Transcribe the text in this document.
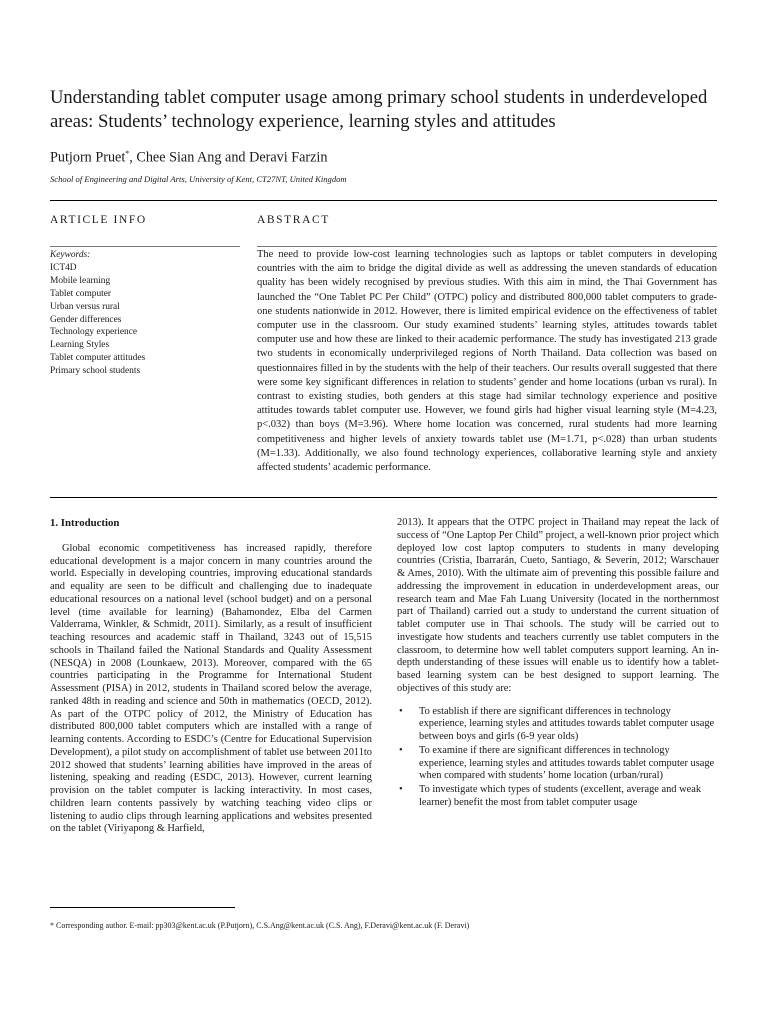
Understanding tablet computer usage among primary school students in underdeveloped areas: Students’ technology experience, learning styles and attitudes
Putjorn Pruet*, Chee Sian Ang and Deravi Farzin
School of Engineering and Digital Arts, University of Kent, CT27NT, United Kingdom
ARTICLE INFO	ABSTRACT
Keywords:
ICT4D
Mobile learning
Tablet computer
Urban versus rural
Gender differences
Technology experience
Learning Styles
Tablet computer attitudes
Primary school students

The need to provide low-cost learning technologies such as laptops or tablet computers in developing countries with the aim to bridge the digital divide as well as addressing the uneven standards of education quality has been widely recognised by previous studies. With this aim in mind, the Thai Government has launched the “One Tablet PC Per Child” (OTPC) policy and distributed 800,000 tablet computers to grade-one students nationwide in 2012. However, there is limited empirical evidence on the effectiveness of tablet computer use in the classroom. Our study examined students’ learning styles, attitudes towards tablet computer use and how these are linked to their academic performance. The study has investigated 213 grade two students in economically underprivileged regions of North Thailand. Data collection was based on questionnaires filled in by the students with the help of their teachers. Our results overall suggested that there were some key significant differences in relation to students’ gender and home locations (urban vs rural). In contrast to existing studies, both genders at this stage had similar technology experience and positive attitudes towards tablet computer use. However, we found girls had higher visual learning style (M=4.23, p<.032) than boys (M=3.96). Where home location was concerned, rural students had more learning competitiveness and higher levels of anxiety towards tablet use (M=1.71, p<.028) than urban students (M=1.33). Additionally, we also found technology experiences, collaborative learning style and anxiety affected students’ academic performance.

1. Introduction

Global economic competitiveness has increased rapidly, therefore educational development is a major concern in many countries around the world. Especially in developing countries, improving educational standards and equality are seen to be difficult and challenging due to inadequate educational resources on a national level (school budget) and on a personal level (time available for learning) (Bahamondez, Elba del Carmen Valderrama, Winkler, & Schmidt, 2011). Similarly, as a result of insufficient teaching resources and academic staff in Thailand, 3243 out of 15,515 schools in Thailand failed the National Standards and Quality Assessment (NESQA) in 2008 (Lounkaew, 2013). Moreover, compared with the 65 countries participating in the Programme for International Student Assessment (PISA) in 2012, students in Thailand scored below the average, ranked 48th in reading and science and 50th in mathematics (OECD, 2012). As part of the OTPC policy of 2012, the Ministry of Education has distributed 800,000 tablet computers which are installed with a range of learning contents. According to ESDC’s (Centre for Educational Supervision Development), a pilot study on accomplishment of tablet use between 2011to 2012 showed that students’ learning abilities have improved in the areas of listening, speaking and reading (ESDC, 2013). However, current learning provision on the tablet computer is lacking interactivity. In most cases, children learn contents passively by watching teaching video clips or listening to audio clips through learning applications and websites presented on the tablet (Viriyapong & Harfield,

2013). It appears that the OTPC project in Thailand may repeat the lack of success of “One Laptop Per Child” project, a well-known prior project which deployed low cost laptop computers to students in many developing countries (Cristia, Ibarrarán, Cueto, Santiago, & Severín, 2012; Warschauer & Ames, 2010). With the ultimate aim of preventing this possible failure and addressing the improvement in education in underdevelopment areas, our research team and Mae Fah Luang University (located in the northernmost part of Thailand) carried out a study to understand the current situation of tablet computer use in Thai schools. The study will be carried out to investigate how students and teachers currently use tablet computers in the classroom, to determine how well tablet computers support learning. An in-depth understanding of these issues will enable us to identify how a tablet-based learning system can be best designed to support learning. The objectives of this study are:

• To establish if there are significant differences in technology experience, learning styles and attitudes towards tablet computer usage between boys and girls (6-9 year olds)
• To examine if there are significant differences in technology experience, learning styles and attitudes towards tablet computer usage when compared with students’ home location (urban/rural)
• To investigate which types of students (excellent, average and weak learner) benefit the most from tablet computer usage
* Corresponding author. E-mail: pp303@kent.ac.uk (P.Putjorn), C.S.Ang@kent.ac.uk (C.S. Ang), F.Deravi@kent.ac.uk (F. Deravi)
